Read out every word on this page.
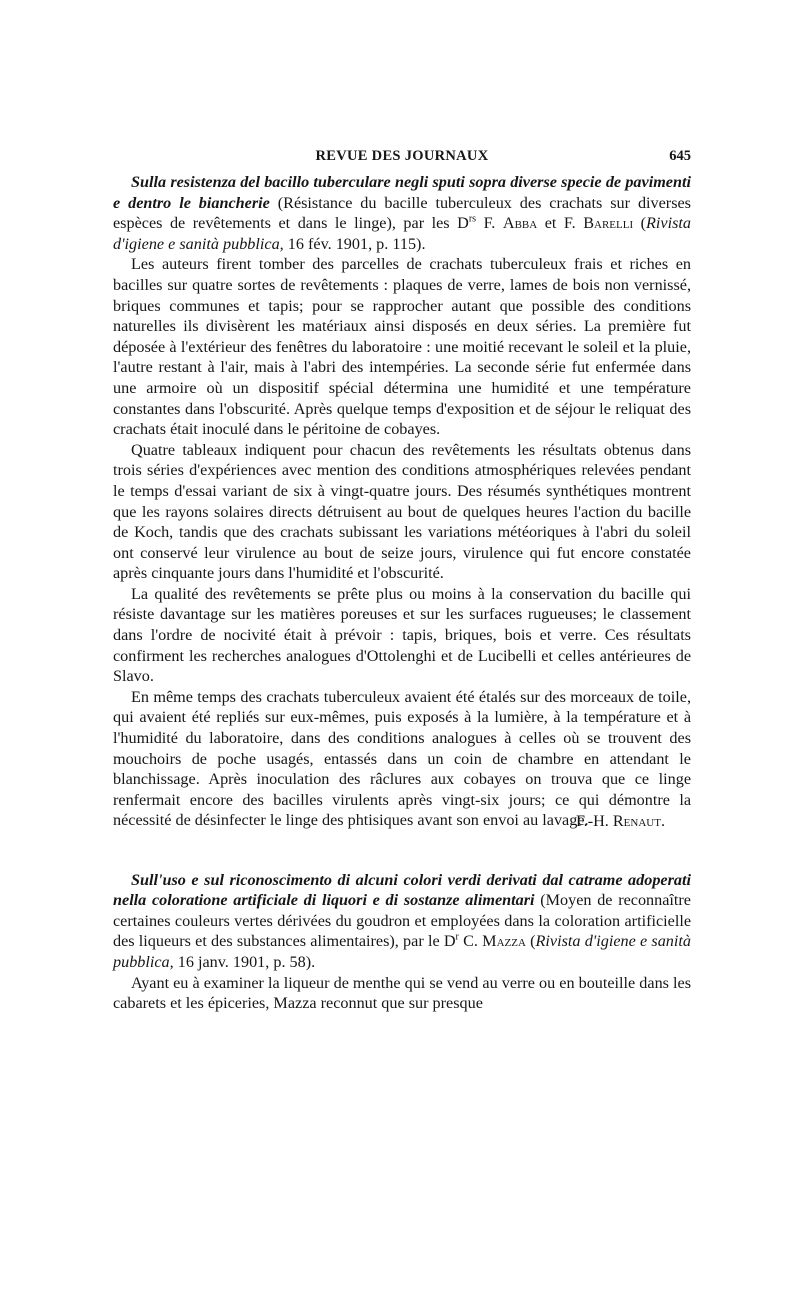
REVUE DES JOURNAUX	645

Sulla resistenza del bacillo tuberculare negli sputi sopra diverse specie de pavimenti e dentro le biancherie (Résistance du bacille tuberculeux des crachats sur diverses espèces de revêtements et dans le linge), par les $D^{rs}$ F. Abba et F. Barelli (Rivista d'igiene e sanità pubblica, 16 fév. 1901, p. 115).

Les auteurs firent tomber des parcelles de crachats tuberculeux frais et riches en bacilles sur quatre sortes de revêtements : plaques de verre, lames de bois non vernissé, briques communes et tapis; pour se rapprocher autant que possible des conditions naturelles ils divisèrent les matériaux ainsi disposés en deux séries. La première fut déposée à l'extérieur des fenêtres du laboratoire : une moitié recevant le soleil et la pluie, l'autre restant à l'air, mais à l'abri des intempéries. La seconde série fut enfermée dans une armoire où un dispositif spécial détermina une humidité et une température constantes dans l'obscurité. Après quelque temps d'exposition et de séjour le reliquat des crachats était inoculé dans le péritoine de cobayes.

Quatre tableaux indiquent pour chacun des revêtements les résultats obtenus dans trois séries d'expériences avec mention des conditions atmosphériques relevées pendant le temps d'essai variant de six à vingt-quatre jours. Des résumés synthétiques montrent que les rayons solaires directs détruisent au bout de quelques heures l'action du bacille de Koch, tandis que des crachats subissant les variations météoriques à l'abri du soleil ont conservé leur virulence au bout de seize jours, virulence qui fut encore constatée après cinquante jours dans l'humidité et l'obscurité.

La qualité des revêtements se prête plus ou moins à la conservation du bacille qui résiste davantage sur les matières poreuses et sur les surfaces rugueuses; le classement dans l'ordre de nocivité était à prévoir : tapis, briques, bois et verre. Ces résultats confirment les recherches analogues d'Ottolenghi et de Lucibelli et celles antérieures de Slavo.

En même temps des crachats tuberculeux avaient été étalés sur des morceaux de toile, qui avaient été repliés sur eux-mêmes, puis exposés à la lumière, à la température et à l'humidité du laboratoire, dans des conditions analogues à celles où se trouvent des mouchoirs de poche usagés, entassés dans un coin de chambre en attendant le blanchissage. Après inoculation des râclures aux cobayes on trouva que ce linge renfermait encore des bacilles virulents après vingt-six jours; ce qui démontre la nécessité de désinfecter le linge des phtisiques avant son envoi au lavage.

F.-H. Renaut.

Sull'uso e sul riconoscimento di alcuni colori verdi derivati dal catrame adoperati nella coloratione artificiale di liquori e di sostanze alimentari (Moyen de reconnaître certaines couleurs vertes dérivées du goudron et employées dans la coloration artificielle des liqueurs et des substances alimentaires), par le $D^r$ C. Mazza (Rivista d'igiene e sanità pubblica, 16 janv. 1901, p. 58).

Ayant eu à examiner la liqueur de menthe qui se vend au verre ou en bouteille dans les cabarets et les épiceries, Mazza reconnut que sur presque
